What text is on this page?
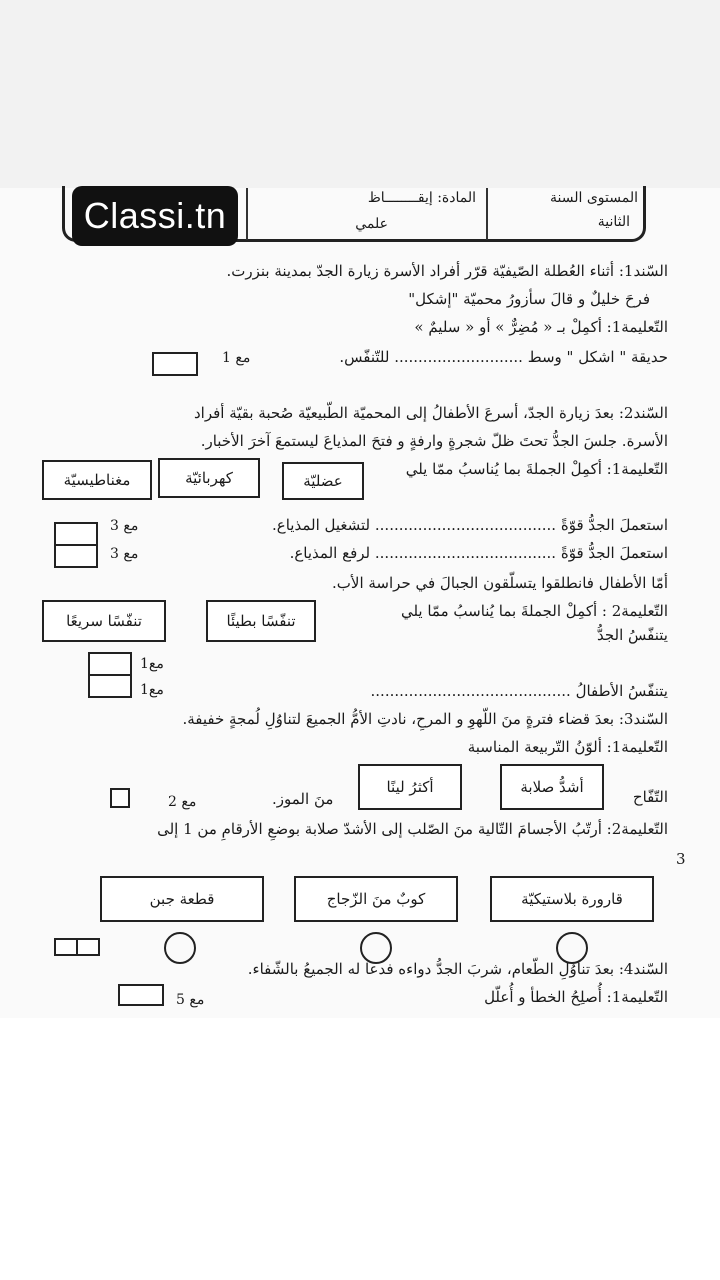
المستوى السنة
الثانية
المادة: إيقــــــــاظ
علمي
Classi.tn
السّند1: أثناء العُطلة الصّيفيّة قرّر أفراد الأسرة زيارة الجدّ بمدينة بنزرت.
فرحَ خليلٌ و قالَ سأزورُ محميّة "إشكل"
التّعليمة1: أكمِلْ بـ « مُضِرٌّ » أو « سليمٌ »
حديقة " اشكل " وسط ........................... للتّنفّس.
مع 1
السّند2: بعدَ زيارة الجدّ، أسرعَ الأطفالُ إلى المحميّة الطّبيعيّة صُحبة بقيّة أفراد
الأسرة. جلسَ الجدُّ تحتَ ظلّ شجرةٍ وارفةٍ و فتحَ المذياعَ ليستمعَ آخرَ الأخبار.
التّعليمة1: أكمِلْ الجملةَ بما يُناسبُ ممّا يلي
عضليّة
كهربائيّة
مغناطيسيّة
استعملَ الجدُّ قوّةً ...................................... لتشغيل المذياع.
مع 3
استعملَ الجدُّ قوّةً ...................................... لرفع المذياع.
مع 3
أمّا الأطفال فانطلقوا يتسلّقون الجبالَ في حراسة الأب.
التّعليمة2 : أكمِلْ الجملةَ بما يُناسبُ ممّا يلي
تنفّسًا بطيئًا
تنفّسًا سريعًا
يتنفّسُ الجدُّ
مع1
مع1	يتنفّسُ الأطفالُ ..........................................
السّند3: بعدَ قضاء فترةٍ منَ اللّهوِ و المرحِ، نادتِ الأمُّ الجميعَ لتناوُلِ لُمجةٍ خفيفة.
التّعليمة1: ألوّنُ التّربيعة المناسبة
التّفّاح
أشدُّ صلابة
أكثرُ لينًا
منَ الموز.
مع 2
التّعليمة2: أرتّبُ الأجسامَ التّالية منَ الصّلب إلى الأشدّ صلابة بوضعِ الأرقامِ من 1 إلى
3
قارورة بلاستيكيّة
كوبٌ منَ الزّجاج
قطعة جبن
السّند4: بعدَ تناوُلِ الطّعام، شربَ الجدُّ دواءه فدعا له الجميعُ بالشّفاء.
التّعليمة1: أُصلِحُ الخطأ و أُعلّل
مع 5
